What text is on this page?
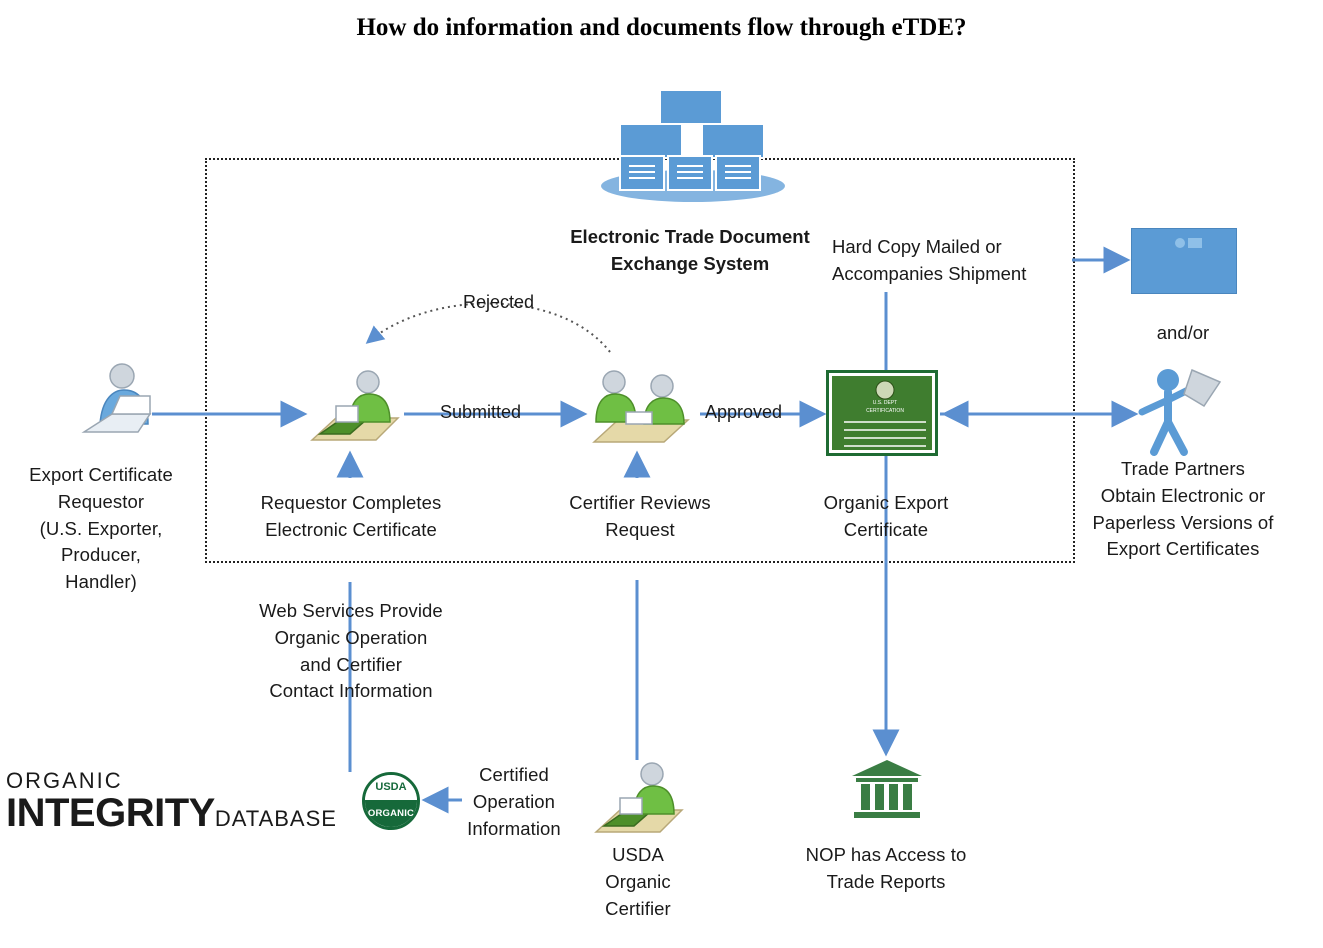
How do information and documents flow through eTDE?
Electronic Trade Document
Exchange System
Export Certificate
Requestor
(U.S. Exporter,
Producer,
Handler)
Requestor Completes
Electronic Certificate
Certifier Reviews
Request
U.S. DEPT
CERTIFICATION
Organic Export
Certificate
Trade Partners
Obtain Electronic or
Paperless Versions of
Export Certificates
and/or
Submitted	Approved
Rejected
Hard Copy Mailed or
Accompanies Shipment
Web Services Provide
Organic Operation
and Certifier
Contact Information
Certified
Operation
Information
USDA
Organic
Certifier
NOP has Access to
Trade Reports
ORGANIC
INTEGRITY DATABASE
USDA
ORGANIC
